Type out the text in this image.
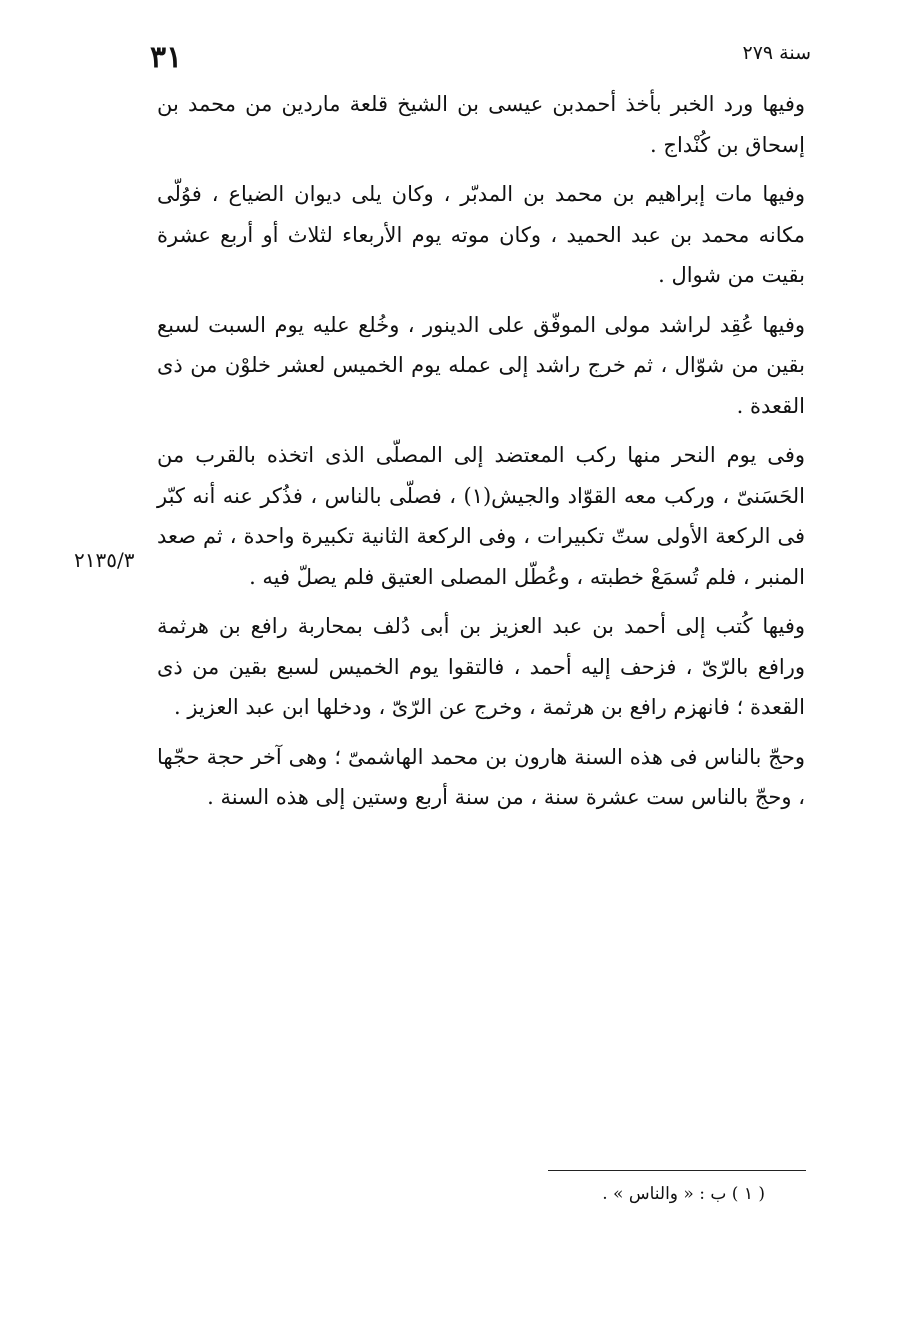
٣١	سنة ٢٧٩

وفيها ورد الخبر بأخذ أحمدبن عيسى بن الشيخ قلعة ماردين من محمد بن إسحاق بن كُنْداج .

وفيها مات إبراهيم بن محمد بن المدبّر ، وكان يلى ديوان الضياع ، فوُلّى مكانه محمد بن عبد الحميد ، وكان موته يوم الأربعاء لثلاث أو أربع عشرة بقيت من شوال .

وفيها عُقِد لراشد مولى الموفّق على الدينور ، وخُلع عليه يوم السبت لسبع بقين من شوّال ، ثم خرج راشد إلى عمله يوم الخميس لعشر خلوْن من ذى القعدة .

وفى يوم النحر منها ركب المعتضد إلى المصلّى الذى اتخذه بالقرب من الحَسَنىّ ، وركب معه القوّاد والجيش(١) ، فصلّى بالناس ، فذُكر عنه أنه كبّر فى الركعة الأولى ستّ تكبيرات ، وفى الركعة الثانية تكبيرة واحدة ، ثم صعد المنبر ، فلم تُسمَعْ خطبته ، وعُطّل المصلى العتيق فلم يصلّ فيه .

وفيها كُتب إلى أحمد بن عبد العزيز بن أبى دُلف بمحاربة رافع بن هرثمة ورافع بالرّىّ ، فزحف إليه أحمد ، فالتقوا يوم الخميس لسبع بقين من ذى القعدة ؛ فانهزم رافع بن هرثمة ، وخرج عن الرّىّ ، ودخلها ابن عبد العزيز .

وحجّ بالناس فى هذه السنة هارون بن محمد الهاشمىّ ؛ وهى آخر حجة حجّها ، وحجّ بالناس ست عشرة سنة ، من سنة أربع وستين إلى هذه السنة .

٢١٣٥/٣
( ١ ) ب : « والناس » .
